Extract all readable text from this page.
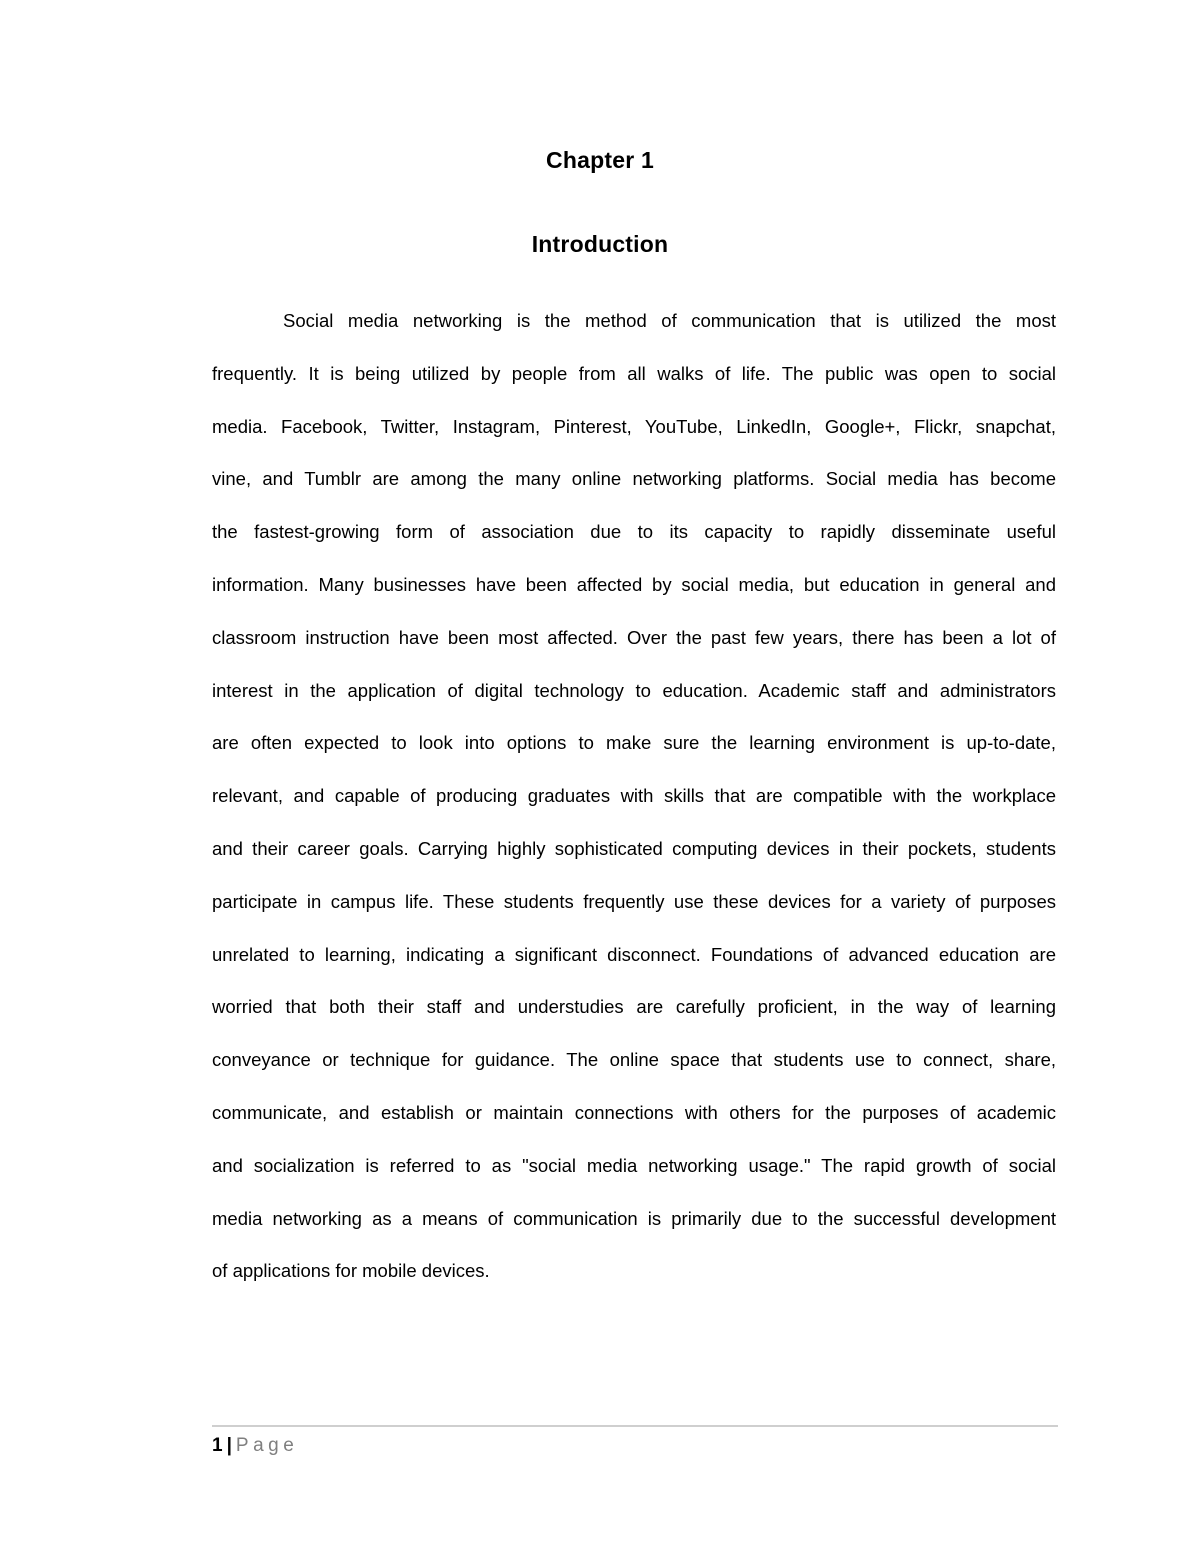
Chapter 1
Introduction
Social media networking is the method of communication that is utilized the most
frequently. It is being utilized by people from all walks of life. The public was open to social
media. Facebook, Twitter, Instagram, Pinterest, YouTube, LinkedIn, Google+, Flickr, snapchat,
vine, and Tumblr are among the many online networking platforms. Social media has become
the fastest-growing form of association due to its capacity to rapidly disseminate useful
information. Many businesses have been affected by social media, but education in general and
classroom instruction have been most affected. Over the past few years, there has been a lot of
interest in the application of digital technology to education. Academic staff and administrators
are often expected to look into options to make sure the learning environment is up-to-date,
relevant, and capable of producing graduates with skills that are compatible with the workplace
and their career goals. Carrying highly sophisticated computing devices in their pockets, students
participate in campus life. These students frequently use these devices for a variety of purposes
unrelated to learning, indicating a significant disconnect. Foundations of advanced education are
worried that both their staff and understudies are carefully proficient, in the way of learning
conveyance or technique for guidance. The online space that students use to connect, share,
communicate, and establish or maintain connections with others for the purposes of academic
and socialization is referred to as "social media networking usage." The rapid growth of social
media networking as a means of communication is primarily due to the successful development
of applications for mobile devices.
1 | Page
